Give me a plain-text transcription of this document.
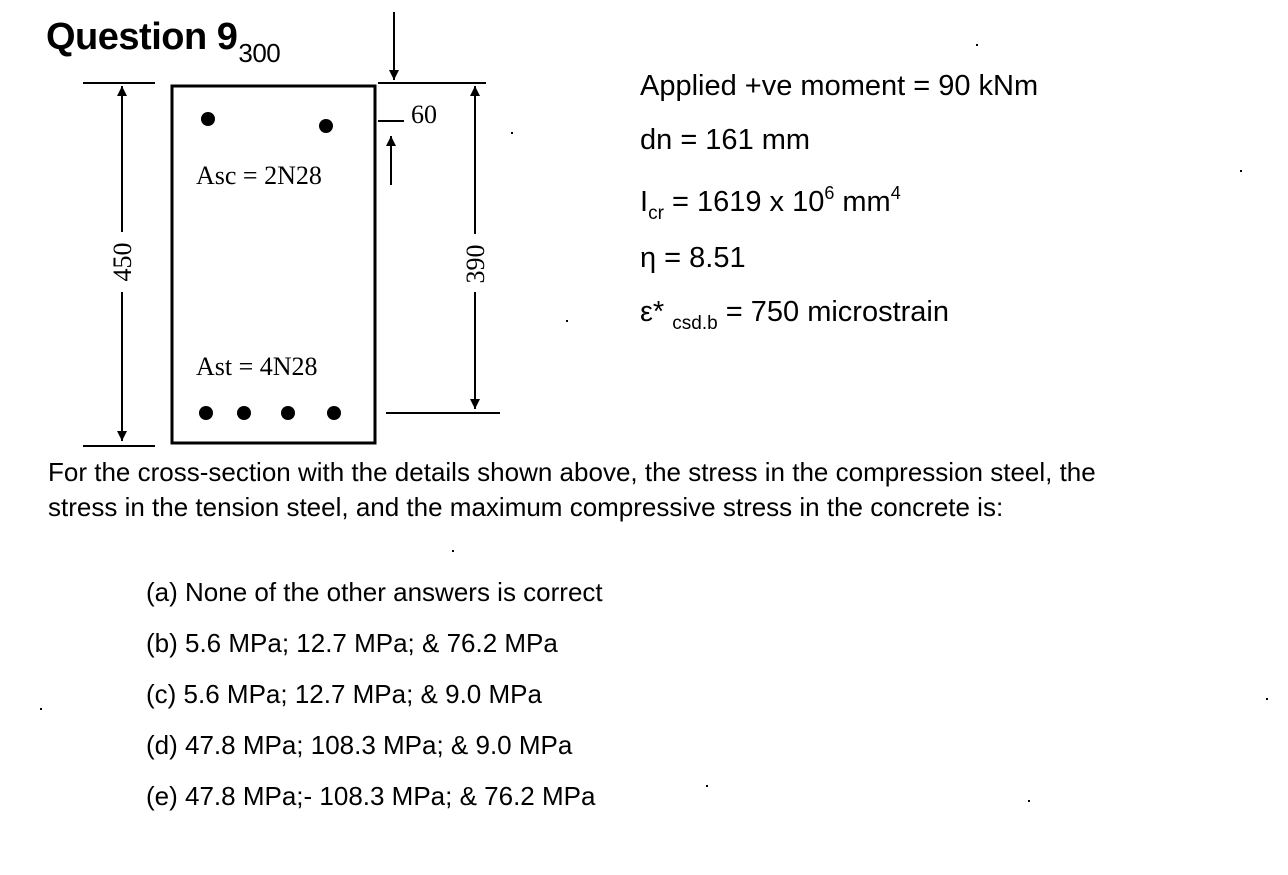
Question $9_{300}$
450	390
60
Asc = 2N28
Ast = 4N28
Applied +ve moment = 90 kNm
dn = 161 mm
$I_{cr} = 1619$ x $10^6$ $mm^4$
η = 8.51
ε* $_{csd.b}$ = 750 microstrain
For the cross-section with the details shown above, the stress in the compression steel, the stress in the tension steel, and the maximum compressive stress in the concrete is:
(a) None of the other answers is correct
(b) 5.6 MPa; 12.7 MPa; & 76.2 MPa
(c) 5.6 MPa; 12.7 MPa; & 9.0 MPa
(d) 47.8 MPa; 108.3 MPa; & 9.0 MPa
(e) 47.8 MPa;- 108.3 MPa; & 76.2 MPa
